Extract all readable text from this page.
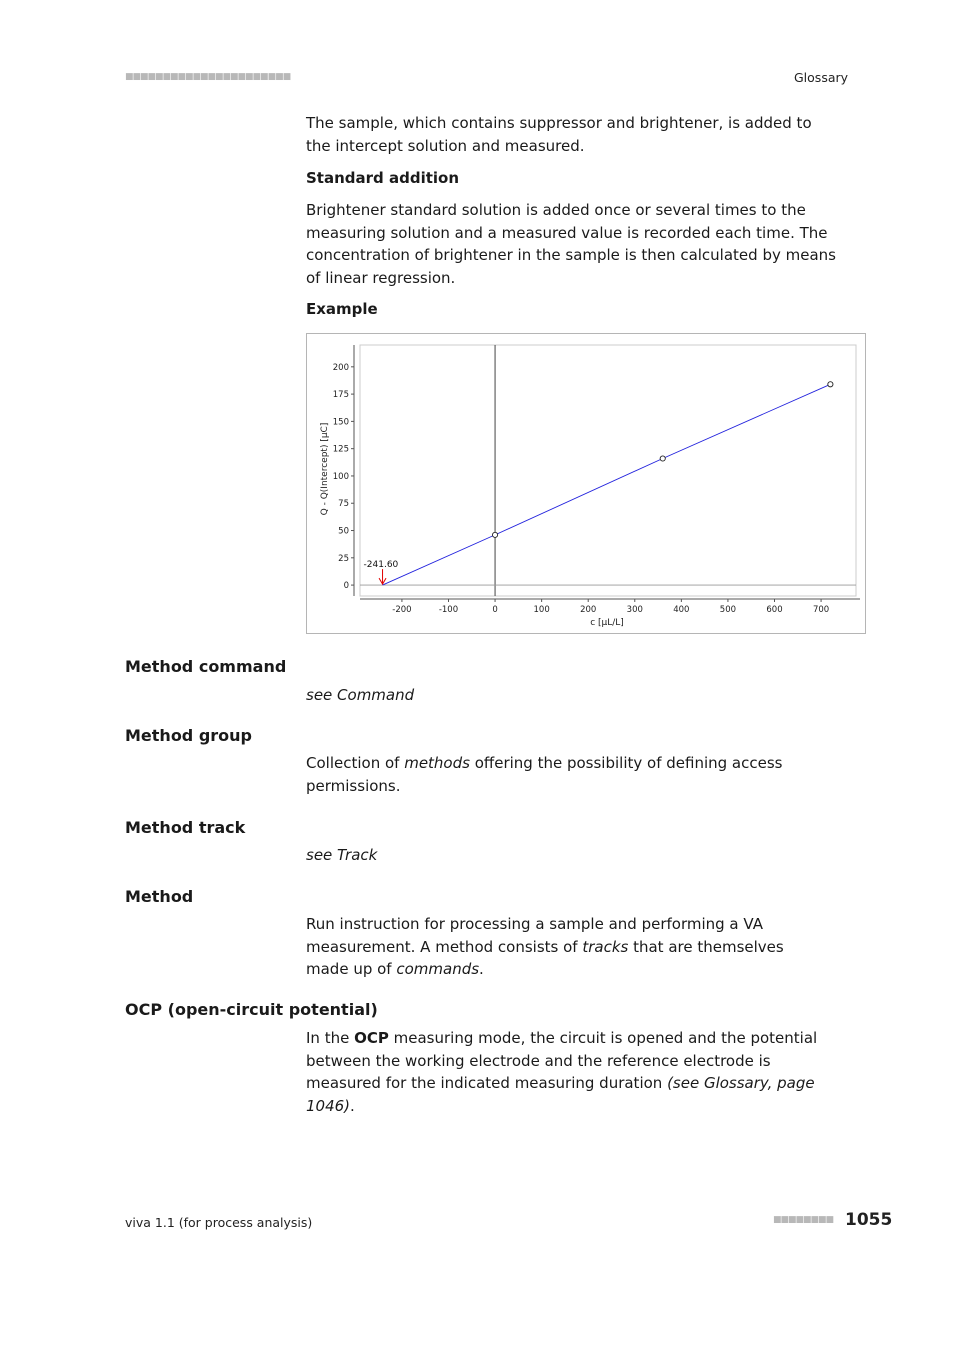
■■■■■■■■■■■■■■■■■■■■■■	Glossary

The sample, which contains suppressor and brightener, is added to the intercept solution and measured.

Standard addition

Brightener standard solution is added once or several times to the measuring solution and a measured value is recorded each time. The concentration of brightener in the sample is then calculated by means of linear regression.

Example

-200	-100	0	100	200	300	400	500	600	700
0
25
50
75
100
125
150
175
200
-241.60
c [µL/L]
Q - Q(Intercept) [µC]

Method command

see Command

Method group

Collection of methods offering the possibility of defining access permissions.

Method track

see Track

Method

Run instruction for processing a sample and performing a VA measurement. A method consists of tracks that are themselves made up of commands.

OCP (open-circuit potential)

In the OCP measuring mode, the circuit is opened and the potential between the working electrode and the reference electrode is measured for the indicated measuring duration (see Glossary, page 1046).

viva 1.1 (for process analysis)	■■■■■■■■ 1055
